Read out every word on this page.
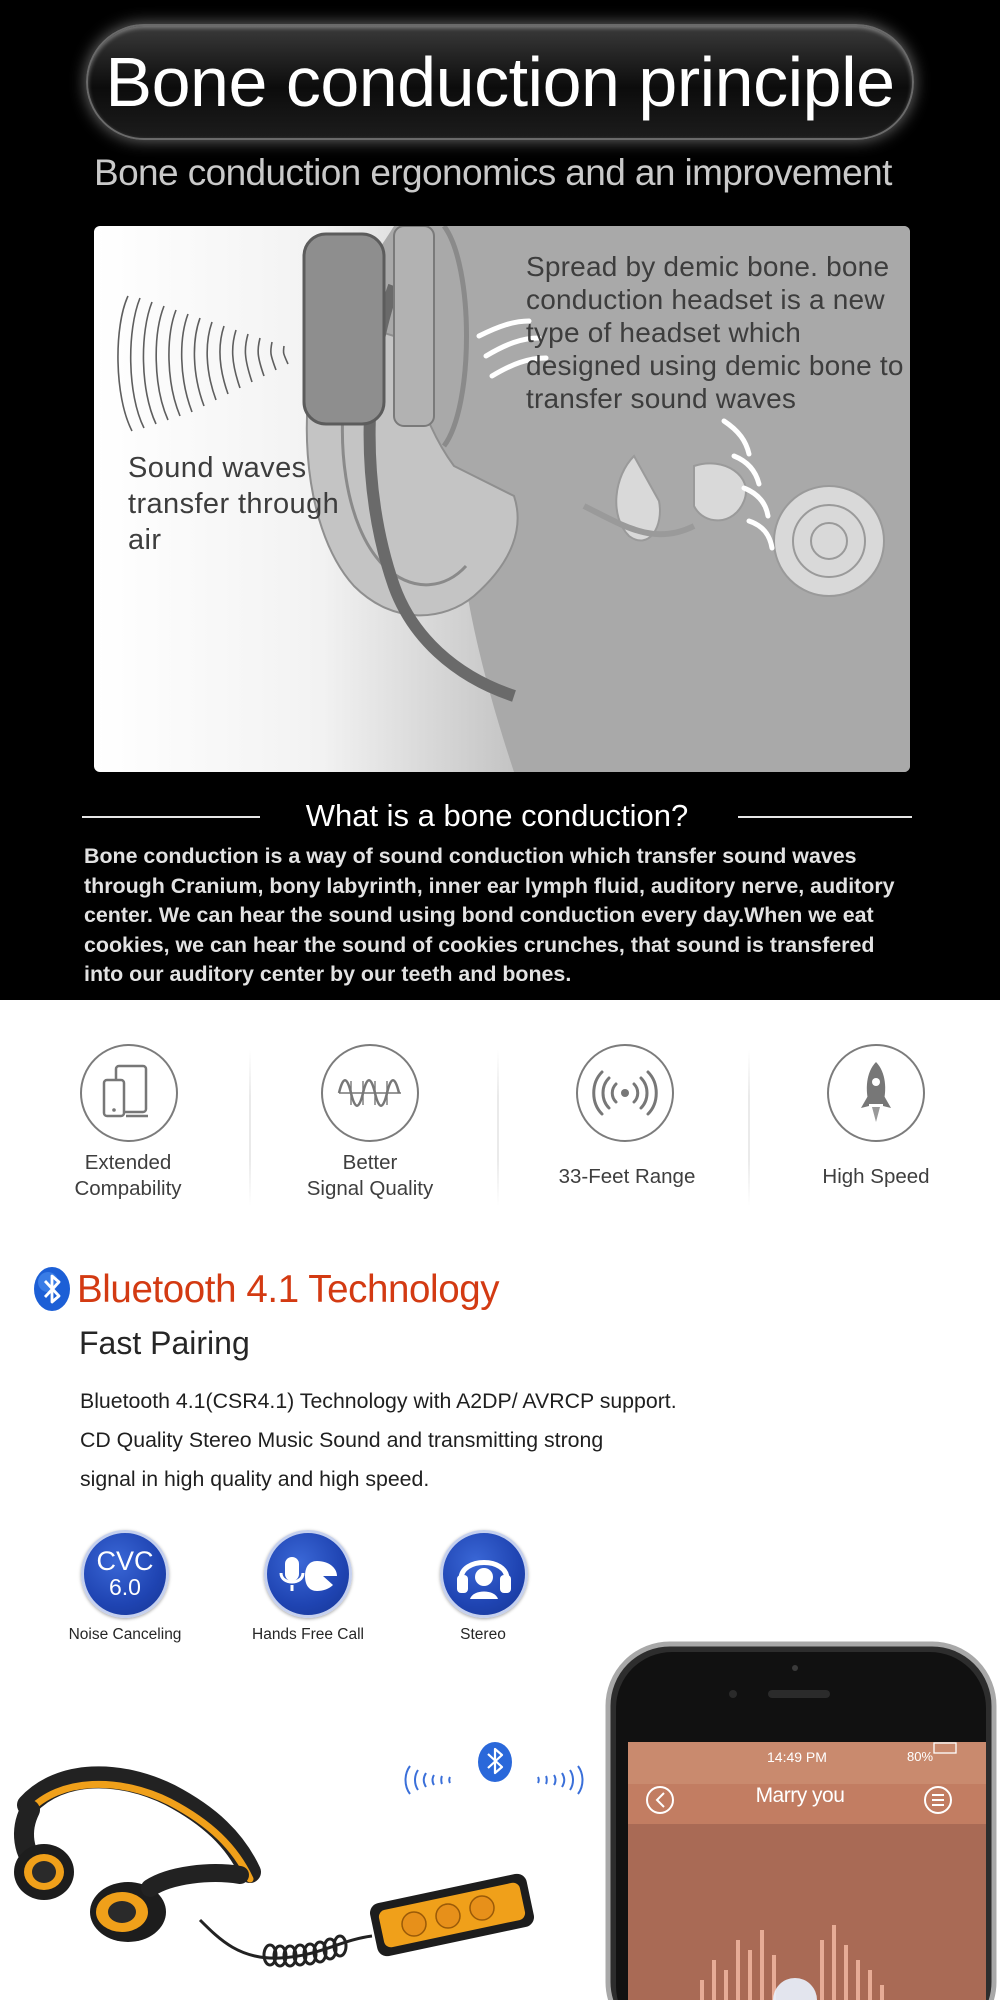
Bone conduction principle
Bone conduction ergonomics and an improvement
Spread by demic bone. bone conduction headset is a new type of headset which designed using demic bone to transfer sound waves
Sound waves transfer through air
What is a bone conduction?
Bone conduction is a way of sound conduction which transfer sound waves
through Cranium, bony labyrinth, inner ear lymph fluid, auditory nerve, auditory
center. We can hear the sound using bond conduction every day.When we eat
cookies, we can hear the sound of cookies crunches, that sound is transfered
into our auditory center by our teeth and bones.
Extended
Compability
Better
Signal Quality
33-Feet Range	High Speed
Bluetooth 4.1 Technology
Fast Pairing
Bluetooth 4.1(CSR4.1) Technology with A2DP/ AVRCP support.
CD Quality Stereo Music Sound and transmitting strong
signal in high quality and high speed.
CVC
6.0
Noise Canceling	Hands Free Call	Stereo
14:49 PM	80%
Marry you
